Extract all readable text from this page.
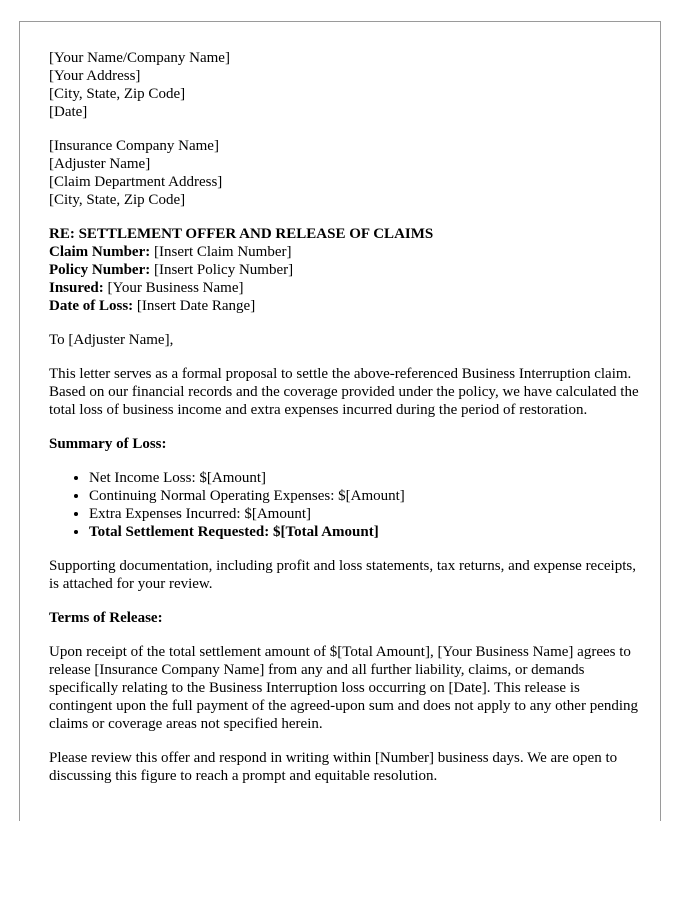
[Your Name/Company Name]
[Your Address]
[City, State, Zip Code]
[Date]
[Insurance Company Name]
[Adjuster Name]
[Claim Department Address]
[City, State, Zip Code]
RE: SETTLEMENT OFFER AND RELEASE OF CLAIMS
Claim Number: [Insert Claim Number]
Policy Number: [Insert Policy Number]
Insured: [Your Business Name]
Date of Loss: [Insert Date Range]

To [Adjuster Name],

This letter serves as a formal proposal to settle the above-referenced Business Interruption claim. Based on our financial records and the coverage provided under the policy, we have calculated the total loss of business income and extra expenses incurred during the period of restoration.

Summary of Loss:

• Net Income Loss: $[Amount]
• Continuing Normal Operating Expenses: $[Amount]
• Extra Expenses Incurred: $[Amount]
• Total Settlement Requested: $[Total Amount]

Supporting documentation, including profit and loss statements, tax returns, and expense receipts, is attached for your review.

Terms of Release:

Upon receipt of the total settlement amount of $[Total Amount], [Your Business Name] agrees to release [Insurance Company Name] from any and all further liability, claims, or demands specifically relating to the Business Interruption loss occurring on [Date]. This release is contingent upon the full payment of the agreed-upon sum and does not apply to any other pending claims or coverage areas not specified herein.

Please review this offer and respond in writing within [Number] business days. We are open to discussing this figure to reach a prompt and equitable resolution.
